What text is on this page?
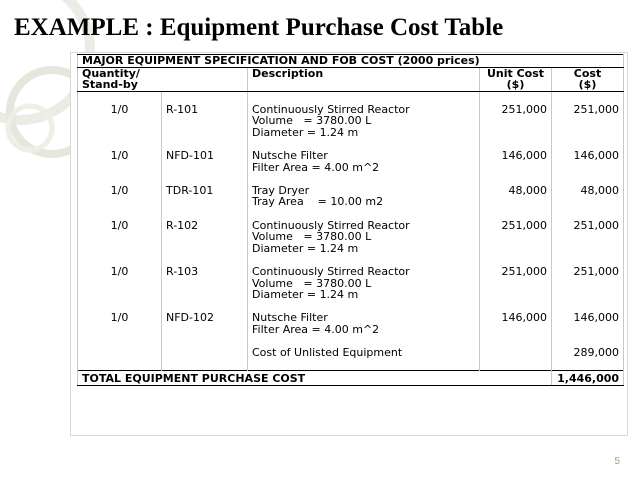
EXAMPLE : Equipment Purchase Cost Table
MAJOR EQUIPMENT SPECIFICATION AND FOB COST (2000 prices)				
Quantity/		Description	Unit Cost	Cost
Stand-by			($)	($)

1/0	R-101	Continuously Stirred Reactor	251,000	251,000
		Volume   = 3780.00 L		
		Diameter = 1.24 m		

1/0	NFD-101	Nutsche Filter	146,000	146,000
		Filter Area = 4.00 m^2		

1/0	TDR-101	Tray Dryer	48,000	48,000
		Tray Area    = 10.00 m2		

1/0	R-102	Continuously Stirred Reactor	251,000	251,000
		Volume   = 3780.00 L		
		Diameter = 1.24 m		

1/0	R-103	Continuously Stirred Reactor	251,000	251,000
		Volume   = 3780.00 L		
		Diameter = 1.24 m		

1/0	NFD-102	Nutsche Filter	146,000	146,000
		Filter Area = 4.00 m^2		

		Cost of Unlisted Equipment		289,000

TOTAL EQUIPMENT PURCHASE COST				1,446,000
5
